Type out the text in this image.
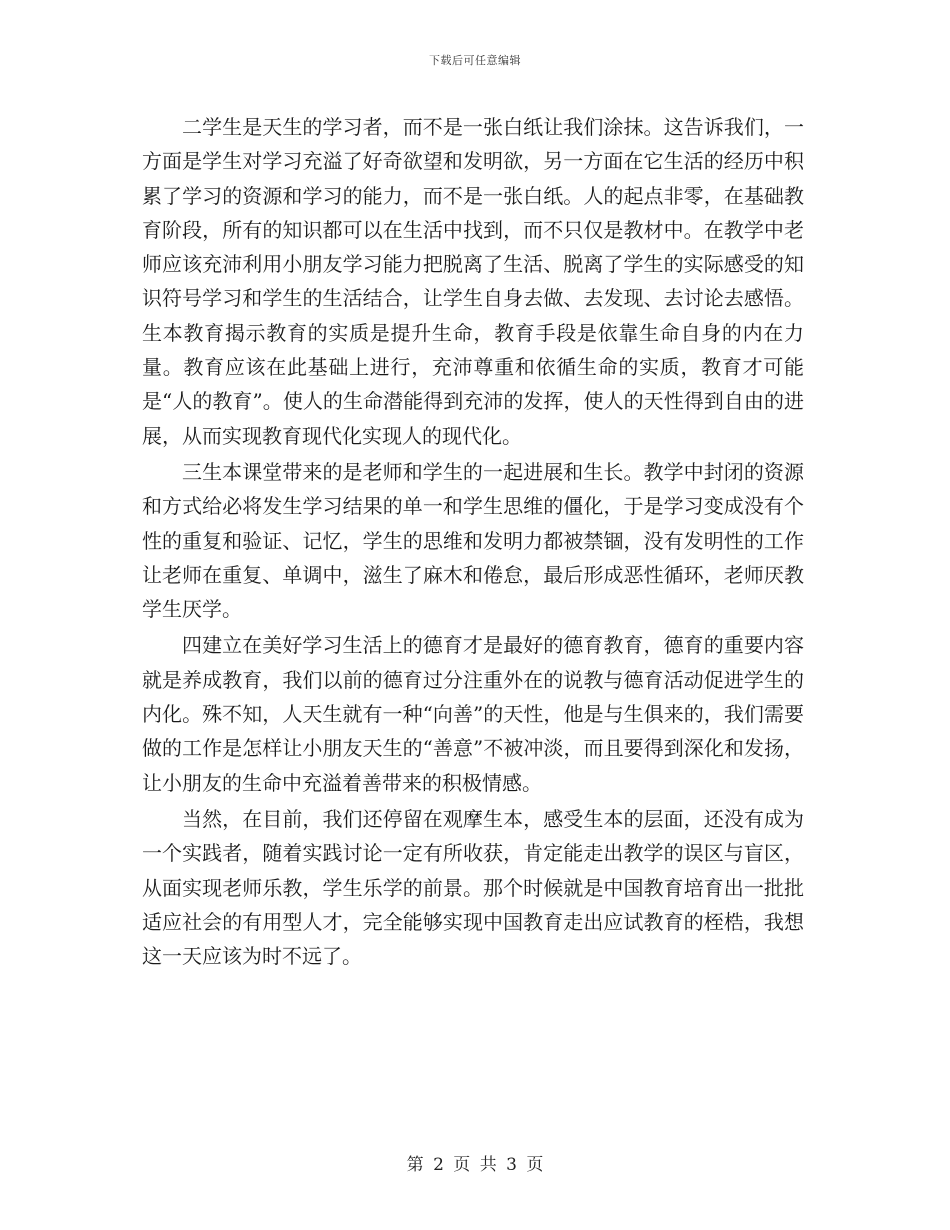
下载后可任意编辑

二学生是天生的学习者，而不是一张白纸让我们涂抹。这告诉我们，一方面是学生对学习充溢了好奇欲望和发明欲，另一方面在它生活的经历中积累了学习的资源和学习的能力，而不是一张白纸。人的起点非零，在基础教育阶段，所有的知识都可以在生活中找到，而不只仅是教材中。在教学中老师应该充沛利用小朋友学习能力把脱离了生活、脱离了学生的实际感受的知识符号学习和学生的生活结合，让学生自身去做、去发现、去讨论去感悟。生本教育揭示教育的实质是提升生命，教育手段是依靠生命自身的内在力量。教育应该在此基础上进行，充沛尊重和依循生命的实质，教育才可能是“人的教育”。使人的生命潜能得到充沛的发挥，使人的天性得到自由的进展，从而实现教育现代化实现人的现代化。

三生本课堂带来的是老师和学生的一起进展和生长。教学中封闭的资源和方式给必将发生学习结果的单一和学生思维的僵化，于是学习变成没有个性的重复和验证、记忆，学生的思维和发明力都被禁锢，没有发明性的工作让老师在重复、单调中，滋生了麻木和倦怠，最后形成恶性循环，老师厌教学生厌学。

四建立在美好学习生活上的德育才是最好的德育教育，德育的重要内容就是养成教育，我们以前的德育过分注重外在的说教与德育活动促进学生的内化。殊不知，人天生就有一种“向善”的天性，他是与生俱来的，我们需要做的工作是怎样让小朋友天生的“善意”不被冲淡，而且要得到深化和发扬，让小朋友的生命中充溢着善带来的积极情感。

当然，在目前，我们还停留在观摩生本，感受生本的层面，还没有成为一个实践者，随着实践讨论一定有所收获，肯定能走出教学的误区与盲区，从面实现老师乐教，学生乐学的前景。那个时候就是中国教育培育出一批批适应社会的有用型人才，完全能够实现中国教育走出应试教育的桎梏，我想这一天应该为时不远了。

第 2 页 共 3 页
